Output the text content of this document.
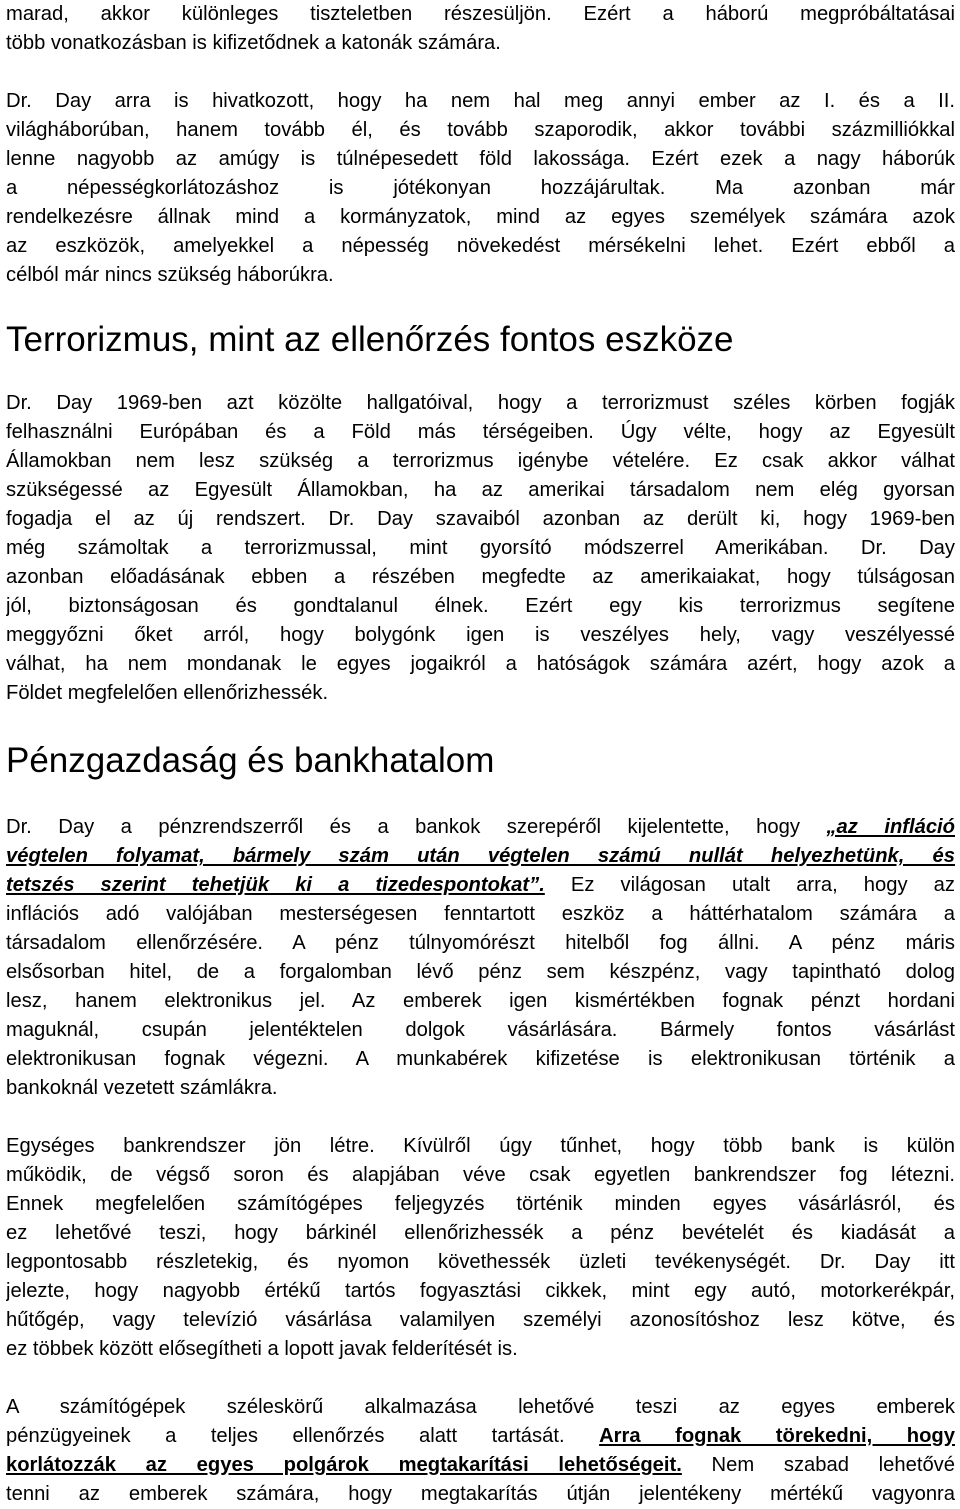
marad, akkor különleges tiszteletben részesüljön. Ezért a háború megpróbáltatásai
több vonatkozásban is kifizetődnek a katonák számára.
Dr. Day arra is hivatkozott, hogy ha nem hal meg annyi ember az I. és a II.
világháborúban, hanem tovább él, és tovább szaporodik, akkor további százmilliókkal
lenne nagyobb az amúgy is túlnépesedett föld lakossága. Ezért ezek a nagy háborúk
a népességkorlátozáshoz is jótékonyan hozzájárultak. Ma azonban már
rendelkezésre állnak mind a kormányzatok, mind az egyes személyek számára azok
az eszközök, amelyekkel a népesség növekedést mérsékelni lehet. Ezért ebből a
célból már nincs szükség háborúkra.
Terrorizmus, mint az ellenőrzés fontos eszköze
Dr. Day 1969-ben azt közölte hallgatóival, hogy a terrorizmust széles körben fogják
felhasználni Európában és a Föld más térségeiben. Úgy vélte, hogy az Egyesült
Államokban nem lesz szükség a terrorizmus igénybe vételére. Ez csak akkor válhat
szükségessé az Egyesült Államokban, ha az amerikai társadalom nem elég gyorsan
fogadja el az új rendszert. Dr. Day szavaiból azonban az derült ki, hogy 1969-ben
még számoltak a terrorizmussal, mint gyorsító módszerrel Amerikában. Dr. Day
azonban előadásának ebben a részében megfedte az amerikaiakat, hogy túlságosan
jól, biztonságosan és gondtalanul élnek. Ezért egy kis terrorizmus segítene
meggyőzni őket arról, hogy bolygónk igen is veszélyes hely, vagy veszélyessé
válhat, ha nem mondanak le egyes jogaikról a hatóságok számára azért, hogy azok a
Földet megfelelően ellenőrizhessék.
Pénzgazdaság és bankhatalom
Dr. Day a pénzrendszerről és a bankok szerepéről kijelentette, hogy „az infláció
végtelen folyamat, bármely szám után végtelen számú nullát helyezhetünk, és
tetszés szerint tehetjük ki a tizedespontokat”. Ez világosan utalt arra, hogy az
inflációs adó valójában mesterségesen fenntartott eszköz a háttérhatalom számára a
társadalom ellenőrzésére. A pénz túlnyomórészt hitelből fog állni. A pénz máris
elsősorban hitel, de a forgalomban lévő pénz sem készpénz, vagy tapintható dolog
lesz, hanem elektronikus jel. Az emberek igen kismértékben fognak pénzt hordani
maguknál, csupán jelentéktelen dolgok vásárlására. Bármely fontos vásárlást
elektronikusan fognak végezni. A munkabérek kifizetése is elektronikusan történik a
bankoknál vezetett számlákra.
Egységes bankrendszer jön létre. Kívülről úgy tűnhet, hogy több bank is külön
működik, de végső soron és alapjában véve csak egyetlen bankrendszer fog létezni.
Ennek megfelelően számítógépes feljegyzés történik minden egyes vásárlásról, és
ez lehetővé teszi, hogy bárkinél ellenőrizhessék a pénz bevételét és kiadását a
legpontosabb részletekig, és nyomon követhessék üzleti tevékenységét. Dr. Day itt
jelezte, hogy nagyobb értékű tartós fogyasztási cikkek, mint egy autó, motorkerékpár,
hűtőgép, vagy televízió vásárlása valamilyen személyi azonosítóshoz lesz kötve, és
ez többek között elősegítheti a lopott javak felderítését is.
A számítógépek széleskörű alkalmazása lehetővé teszi az egyes emberek
pénzügyeinek a teljes ellenőrzés alatt tartását. Arra fognak törekedni, hogy
korlátozzák az egyes polgárok megtakarítási lehetőségeit. Nem szabad lehetővé
tenni az emberek számára, hogy megtakarítás útján jelentékeny mértékű vagyonra
